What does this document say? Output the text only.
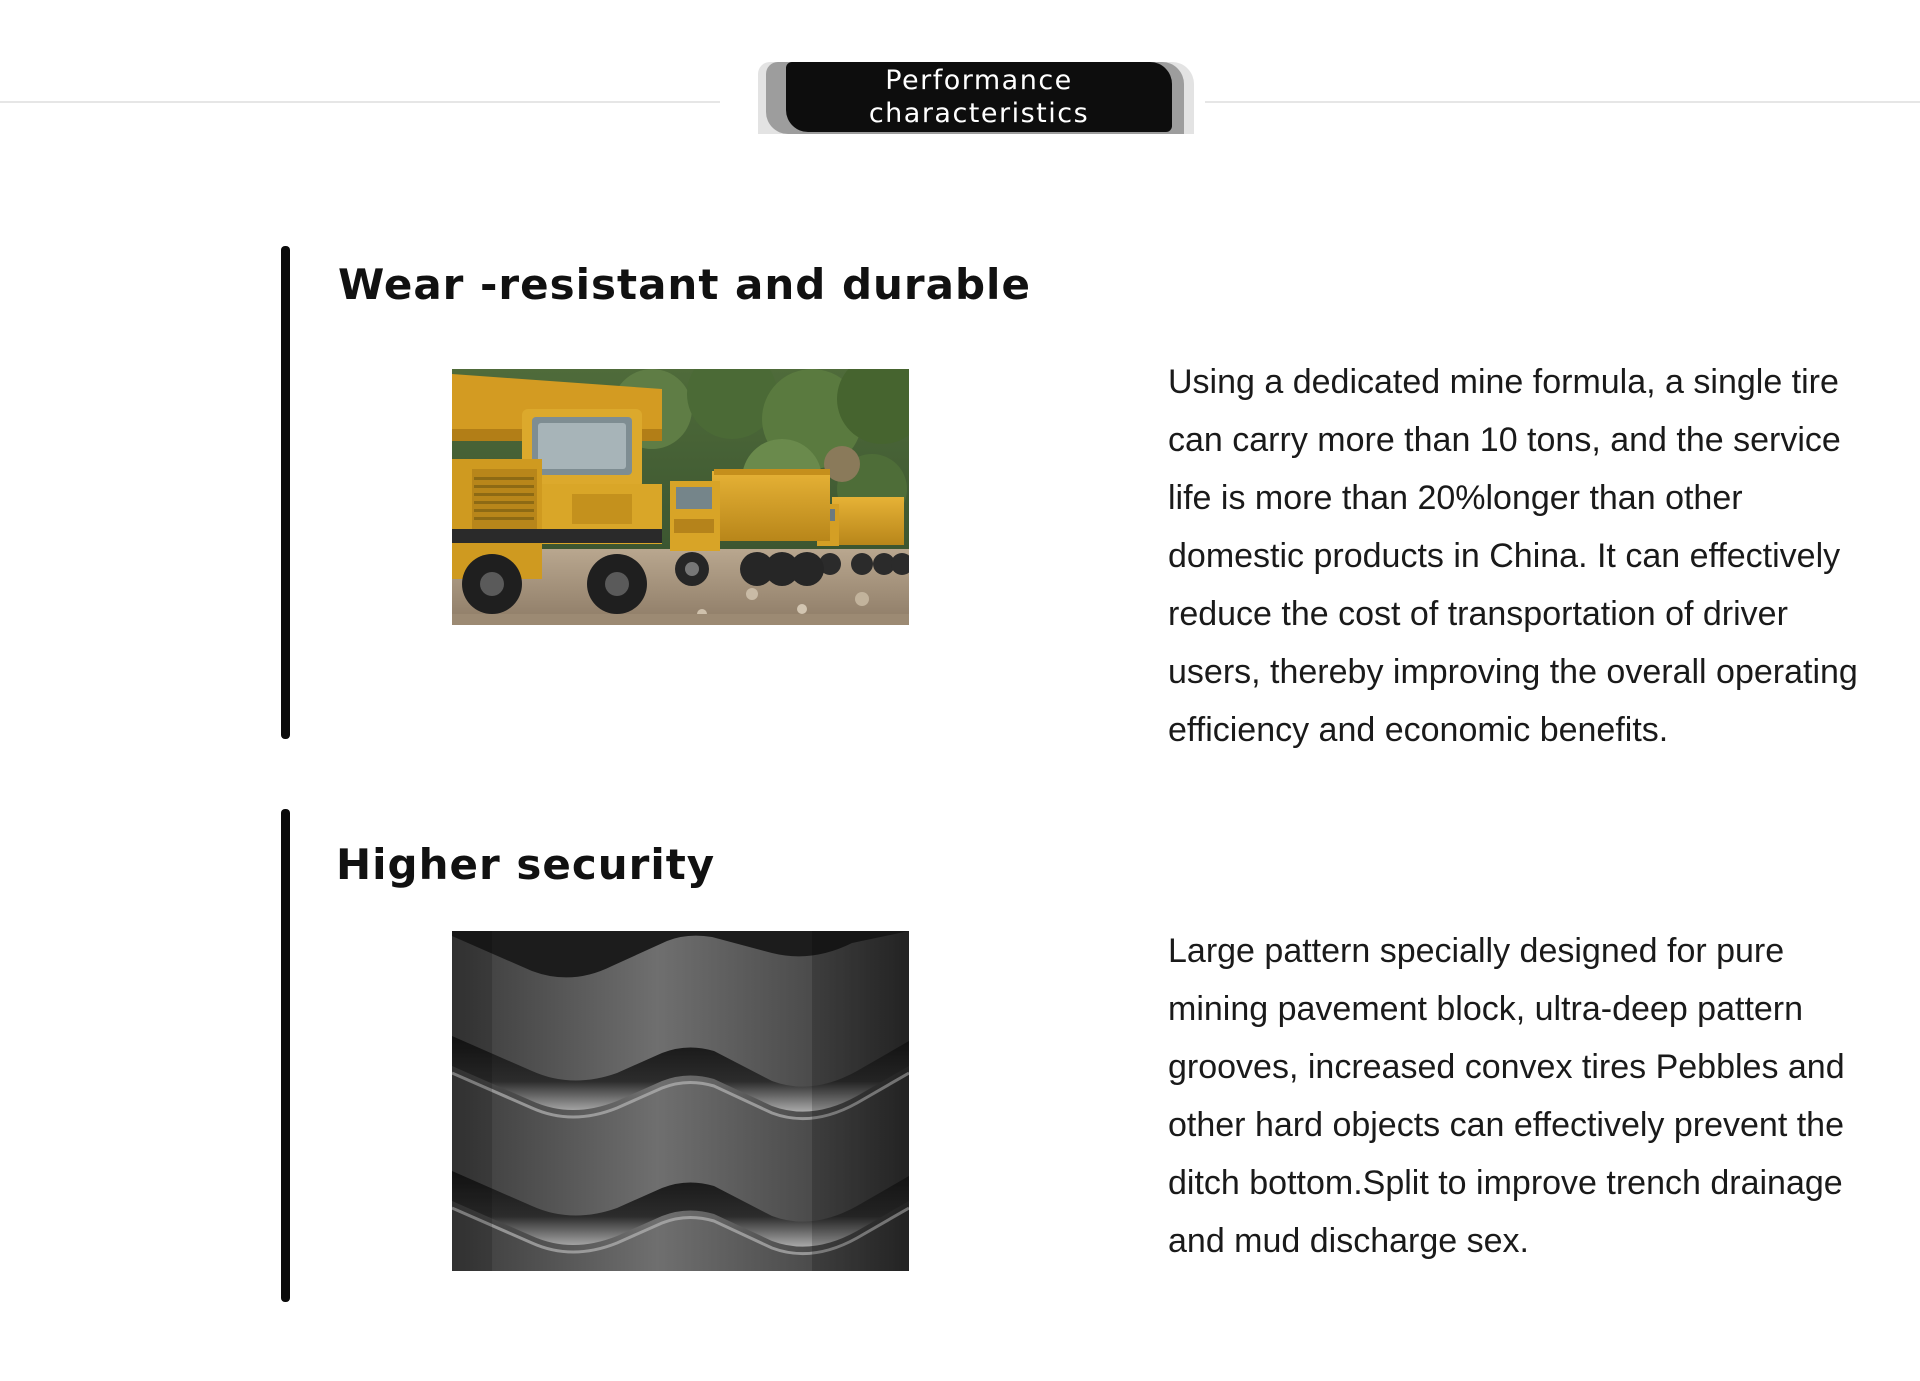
Performance
characteristics
Wear -resistant and durable
Using a dedicated mine formula, a single tire can carry more than 10 tons, and the service life is more than 20%longer than other domestic products in China. It can effectively reduce the cost of transportation of driver users, thereby improving the overall operating efficiency and economic benefits.
Higher security
Large pattern specially designed for pure mining pavement block, ultra-deep pattern grooves, increased convex tires Pebbles and other hard objects can effectively prevent the ditch bottom.Split to improve trench drainage and mud discharge sex.
